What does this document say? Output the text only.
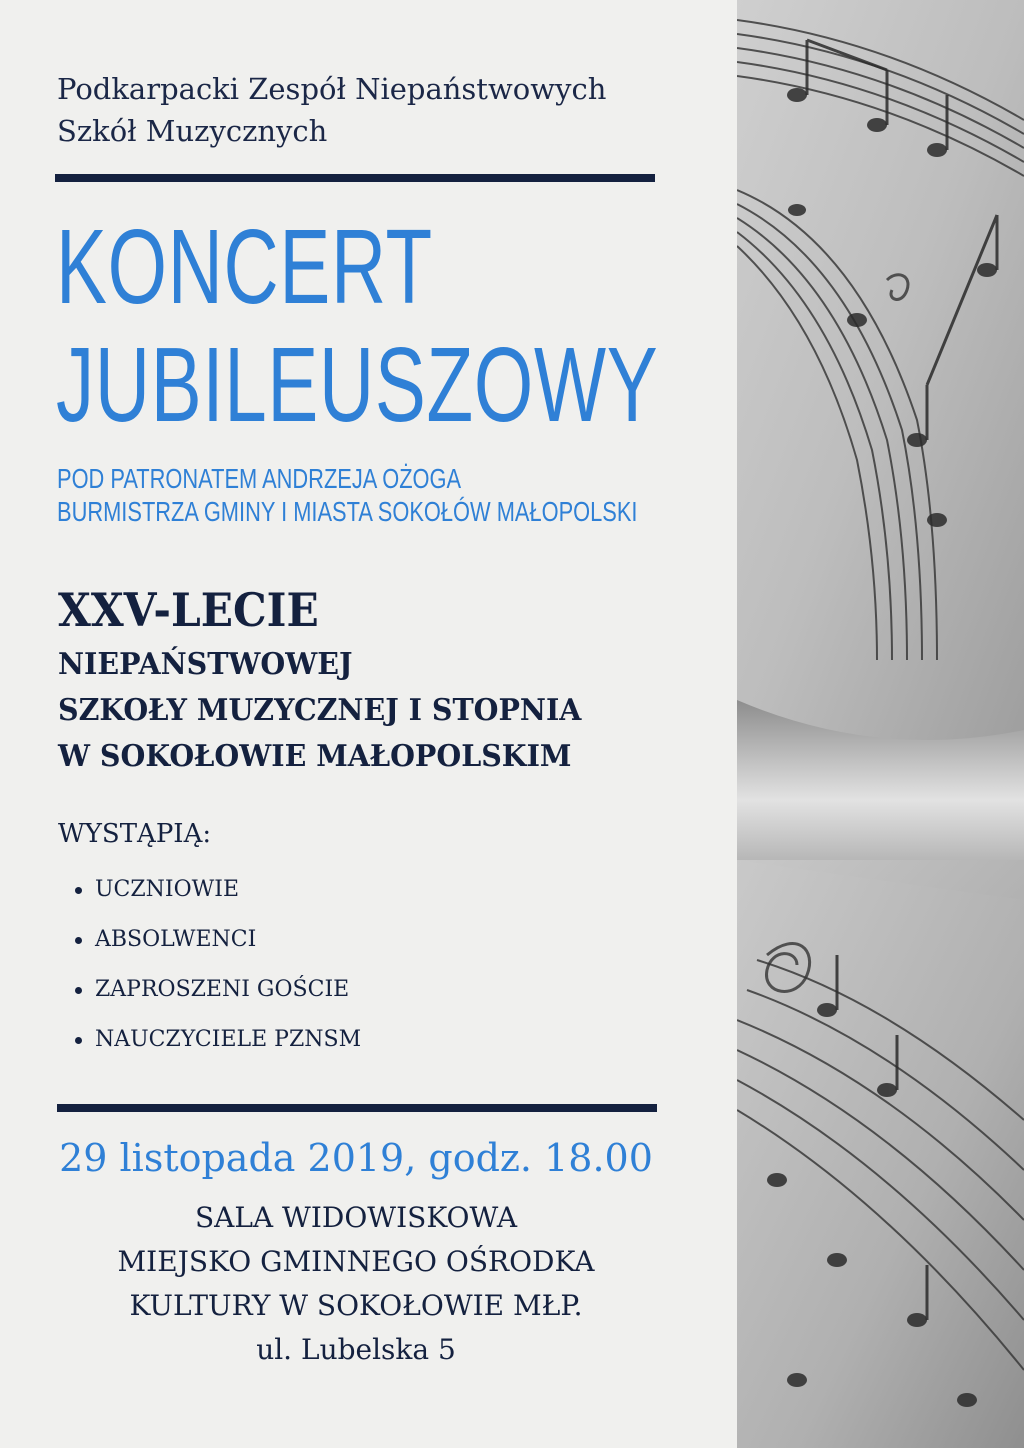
Podkarpacki Zespół Niepaństwowych
Szkół Muzycznych
KONCERT
JUBILEUSZOWY
POD PATRONATEM ANDRZEJA OŻOGA
BURMISTRZA GMINY I MIASTA SOKOŁÓW MAŁOPOLSKI
XXV-LECIE
NIEPAŃSTWOWEJ
SZKOŁY MUZYCZNEJ I STOPNIA
W SOKOŁOWIE MAŁOPOLSKIM
WYSTĄPIĄ:
UCZNIOWIE
ABSOLWENCI
ZAPROSZENI GOŚCIE
NAUCZYCIELE PZNSM
29 listopada 2019, godz. 18.00
SALA WIDOWISKOWA
MIEJSKO GMINNEGO OŚRODKA
KULTURY W SOKOŁOWIE MŁP.
ul. Lubelska 5
